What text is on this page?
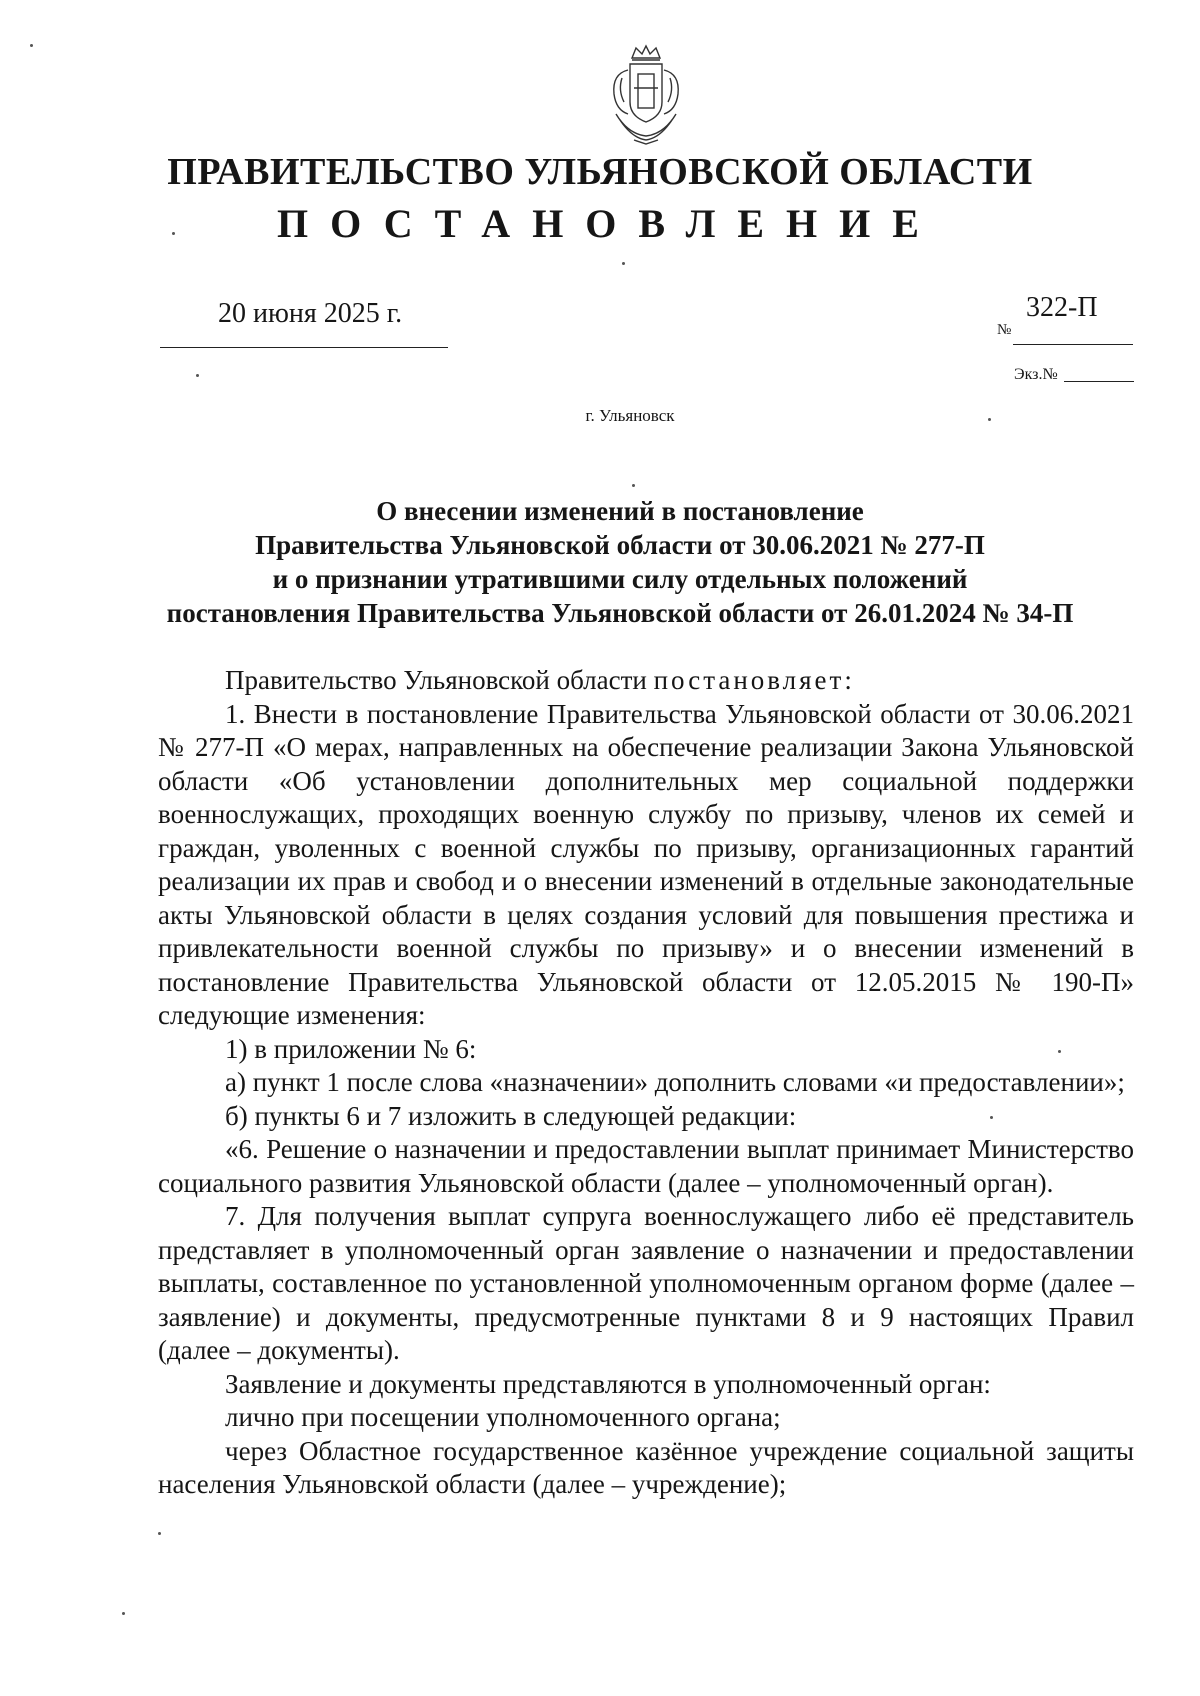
ПРАВИТЕЛЬСТВО УЛЬЯНОВСКОЙ ОБЛАСТИ
ПОСТАНОВЛЕНИЕ
20 июня 2025 г.	322-П
№
Экз.№
г. Ульяновск
О внесении изменений в постановление
Правительства Ульяновской области от 30.06.2021 № 277-П
и о признании утратившими силу отдельных положений
постановления Правительства Ульяновской области от 26.01.2024 № 34-П

Правительство Ульяновской области постановляет:

1. Внести в постановление Правительства Ульяновской области от 30.06.2021 № 277-П «О мерах, направленных на обеспечение реализации Закона Ульяновской области «Об установлении дополнительных мер социальной поддержки военнослужащих, проходящих военную службу по призыву, членов их семей и граждан, уволенных с военной службы по призыву, организационных гарантий реализации их прав и свобод и о внесении изменений в отдельные законодательные акты Ульяновской области в целях создания условий для повышения престижа и привлекательности военной службы по призыву» и о внесении изменений в постановление Правительства Ульяновской области от 12.05.2015 № 190-П» следующие изменения:

1) в приложении № 6:

а) пункт 1 после слова «назначении» дополнить словами «и предоставлении»;

б) пункты 6 и 7 изложить в следующей редакции:

«6. Решение о назначении и предоставлении выплат принимает Министерство социального развития Ульяновской области (далее – уполномоченный орган).

7. Для получения выплат супруга военнослужащего либо её представитель представляет в уполномоченный орган заявление о назначении и предоставлении выплаты, составленное по установленной уполномоченным органом форме (далее – заявление) и документы, предусмотренные пунктами 8 и 9 настоящих Правил (далее – документы).

Заявление и документы представляются в уполномоченный орган:

лично при посещении уполномоченного органа;

через Областное государственное казённое учреждение социальной защиты населения Ульяновской области (далее – учреждение);
